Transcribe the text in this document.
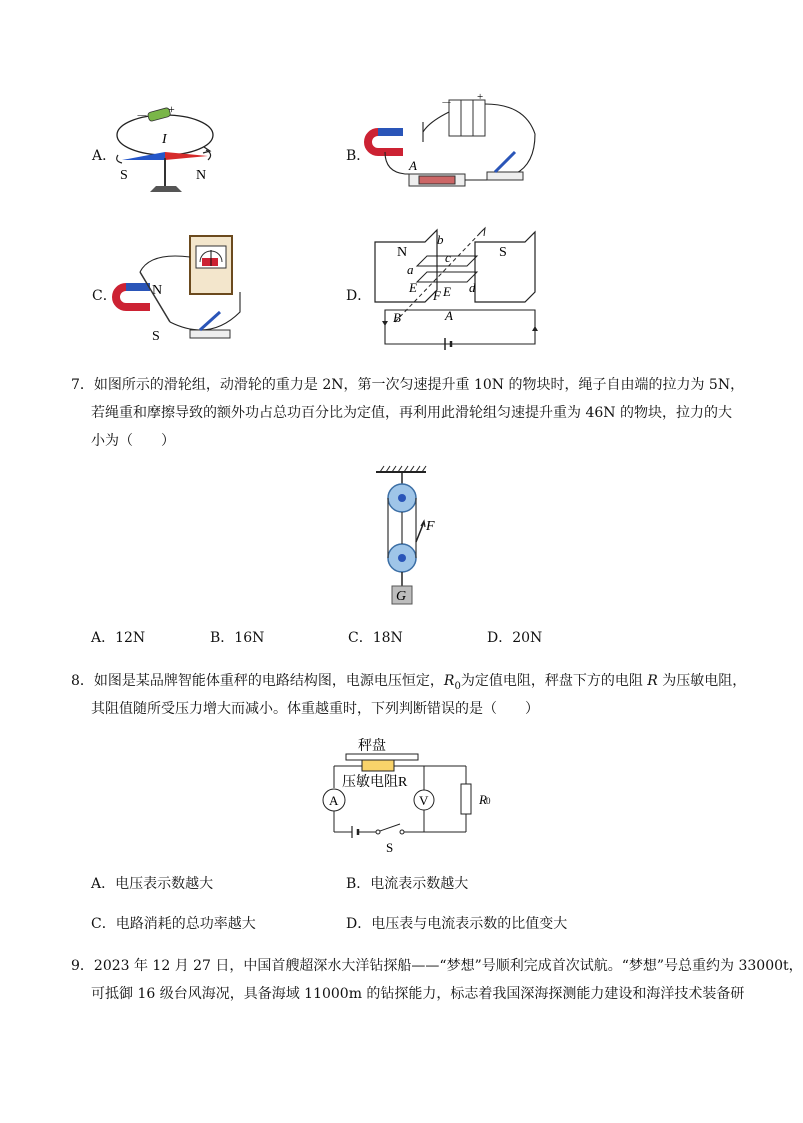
A．
－ +
I
S	N
B．
－ +
A
C．	N
S
D．
N	S
b
a
c
d
E E
F
B	A
7．如图所示的滑轮组，动滑轮的重力是 2N，第一次匀速提升重 10N 的物块时，绳子自由端的拉力为 5N，
若绳重和摩擦导致的额外功占总功百分比为定值，再利用此滑轮组匀速提升重为 46N 的物块，拉力的大
小为（　　）
F
G
A．12N	B．16N	C．18N	D．20N
8．如图是某品牌智能体重秤的电路结构图，电源电压恒定，$R_0$为定值电阻，秤盘下方的电阻 R 为压敏电阻，
其阻值随所受压力增大而减小。体重越重时，下列判断错误的是（　　）
秤盘
压敏电阻R
A	V	R
S
0
A．电压表示数越大	B．电流表示数越大
C．电路消耗的总功率越大	D．电压表与电流表示数的比值变大
9．2023 年 12 月 27 日，中国首艘超深水大洋钻探船——“梦想”号顺利完成首次试航。“梦想”号总重约为 33000t，
可抵御 16 级台风海况，具备海域 11000m 的钻探能力，标志着我国深海探测能力建设和海洋技术装备研
